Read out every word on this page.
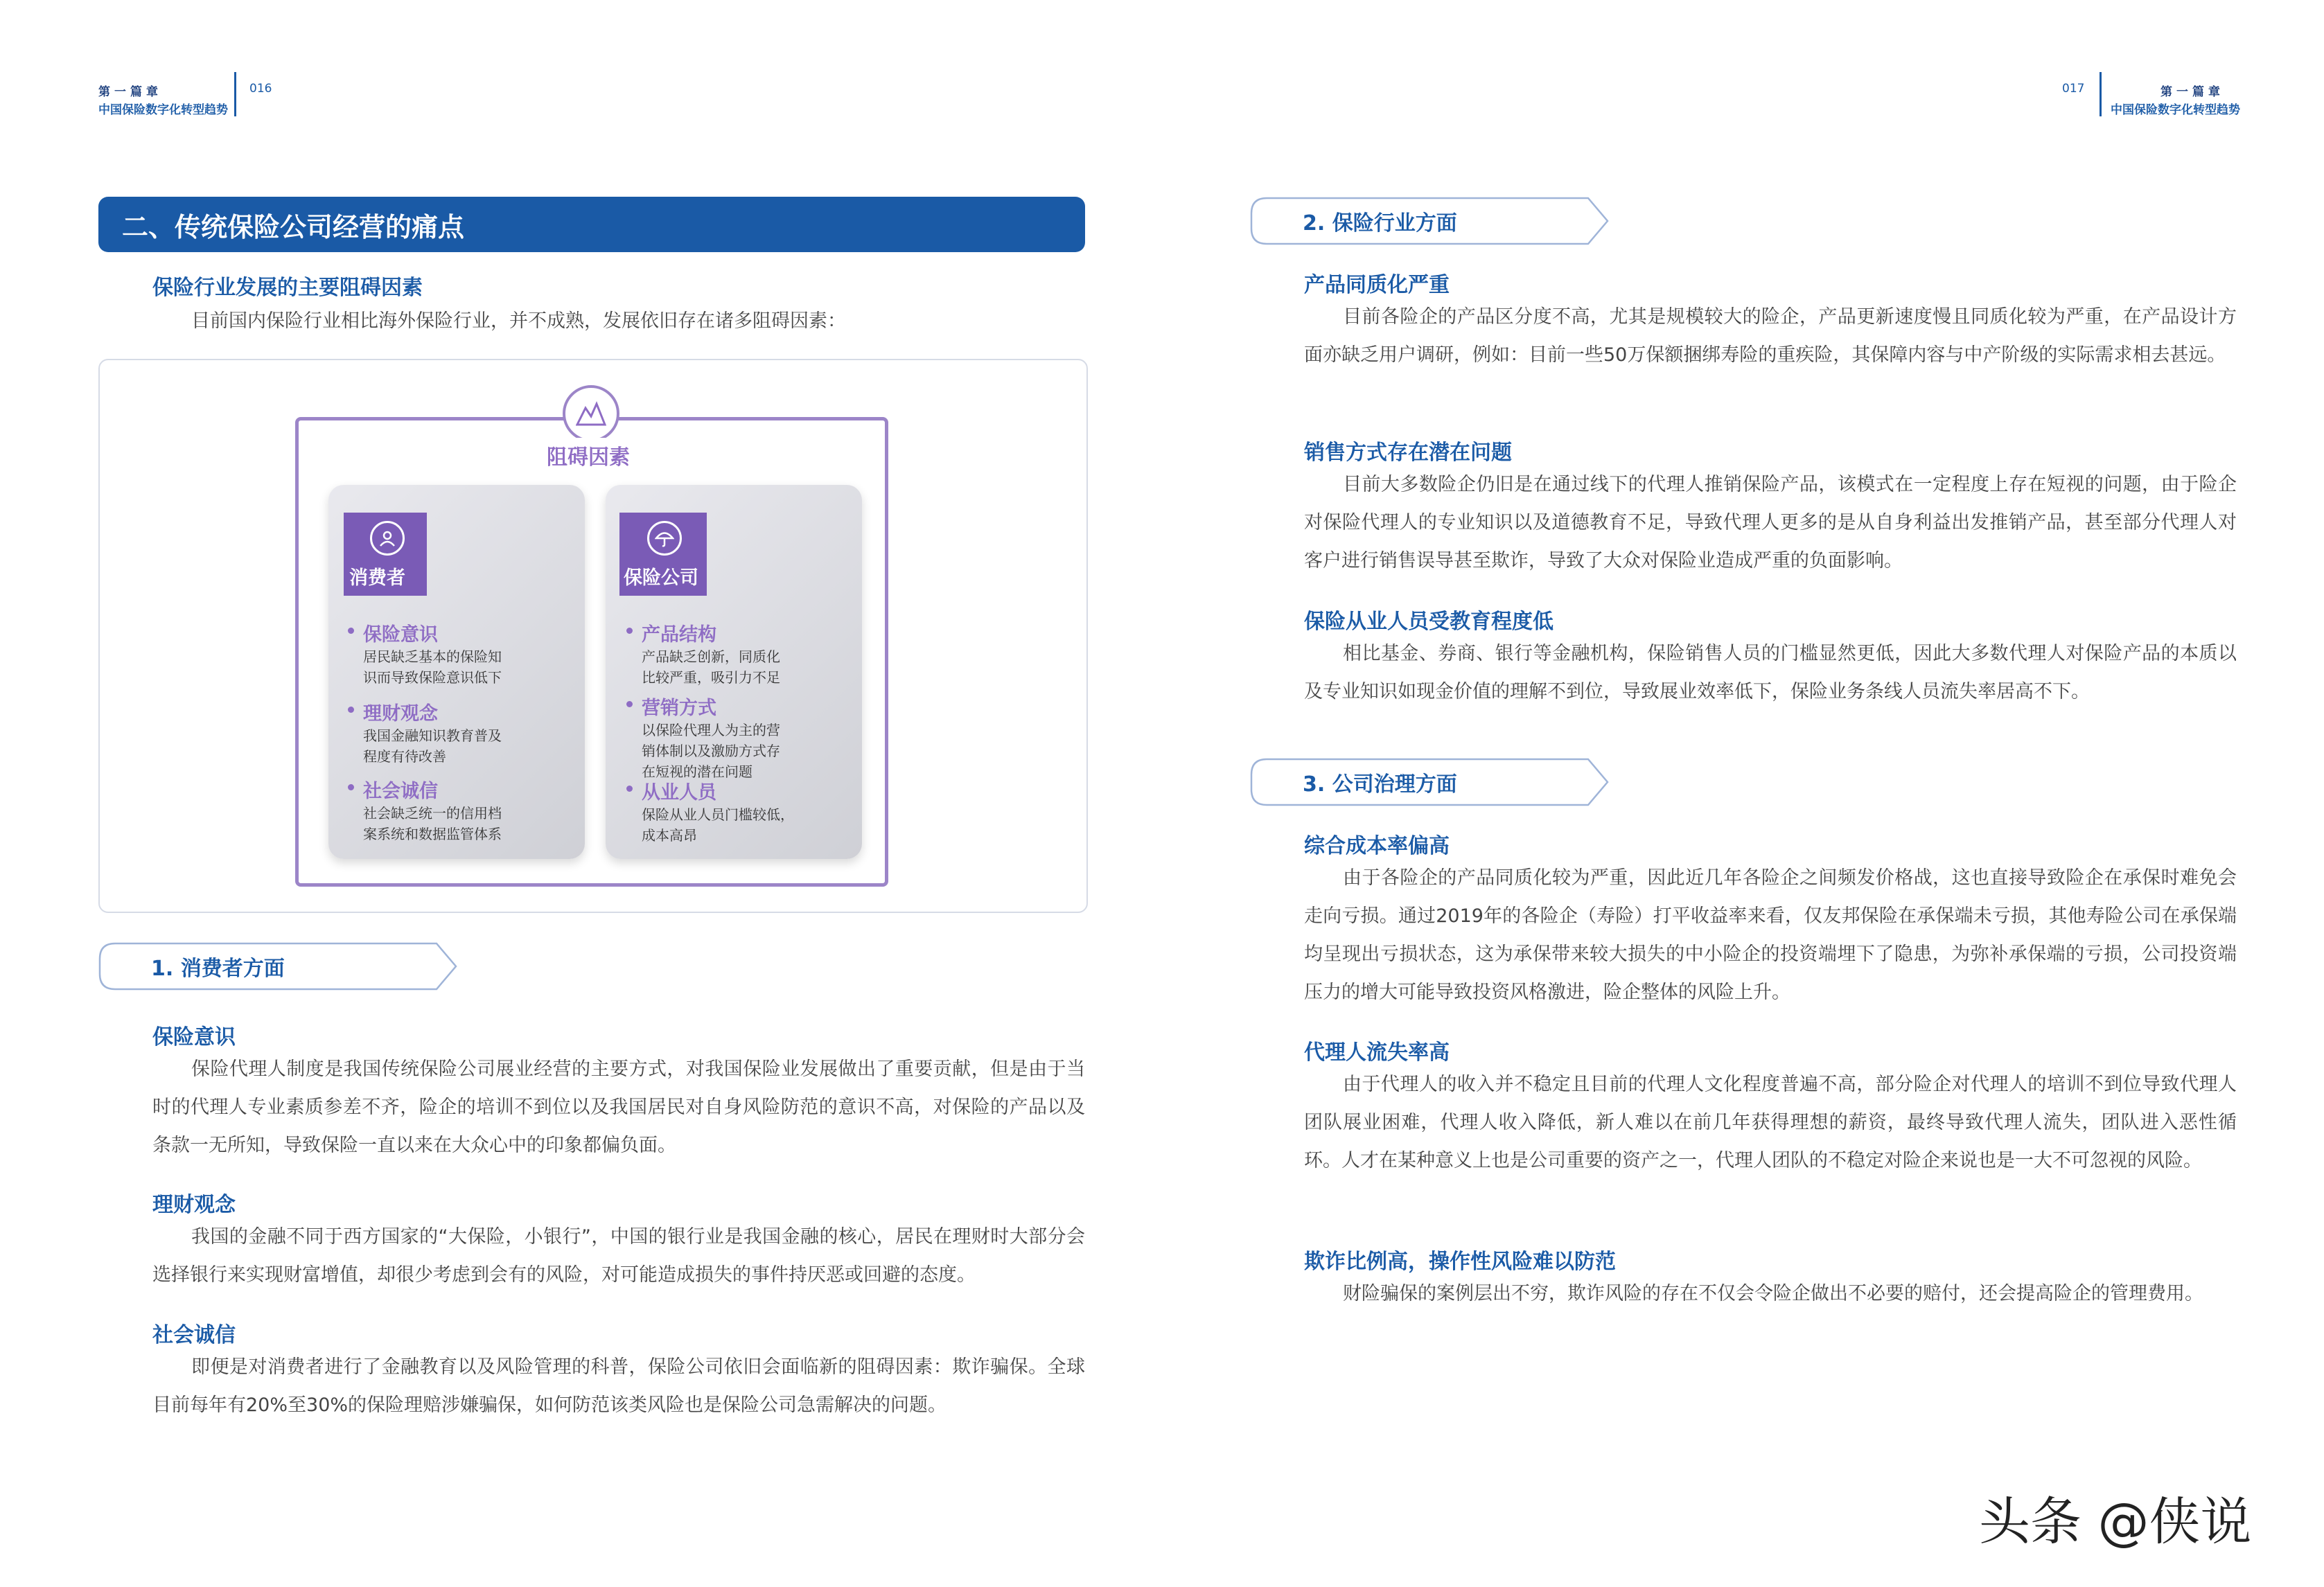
第一篇章
中国保险数字化转型趋势
016	017	第一篇章
中国保险数字化转型趋势
二、传统保险公司经营的痛点
保险行业发展的主要阻碍因素
目前国内保险行业相比海外保险行业，并不成熟，发展依旧存在诸多阻碍因素：
阻碍因素
消费者
保险意识
居民缺乏基本的保险知
识而导致保险意识低下
理财观念
我国金融知识教育普及
程度有待改善
社会诚信
社会缺乏统一的信用档
案系统和数据监管体系
保险公司
产品结构
产品缺乏创新，同质化
比较严重，吸引力不足
营销方式
以保险代理人为主的营
销体制以及激励方式存
在短视的潜在问题
从业人员
保险从业人员门槛较低，
成本高昂
1. 消费者方面
保险意识
保险代理人制度是我国传统保险公司展业经营的主要方式，对我国保险业发展做出了重要贡献，但是由于当时的代理人专业素质参差不齐，险企的培训不到位以及我国居民对自身风险防范的意识不高，对保险的产品以及条款一无所知，导致保险一直以来在大众心中的印象都偏负面。
理财观念
我国的金融不同于西方国家的“大保险，小银行”，中国的银行业是我国金融的核心，居民在理财时大部分会选择银行来实现财富增值，却很少考虑到会有的风险，对可能造成损失的事件持厌恶或回避的态度。
社会诚信
即便是对消费者进行了金融教育以及风险管理的科普，保险公司依旧会面临新的阻碍因素：欺诈骗保。全球目前每年有20%至30%的保险理赔涉嫌骗保，如何防范该类风险也是保险公司急需解决的问题。
2. 保险行业方面
产品同质化严重
目前各险企的产品区分度不高，尤其是规模较大的险企，产品更新速度慢且同质化较为严重，在产品设计方面亦缺乏用户调研，例如：目前一些50万保额捆绑寿险的重疾险，其保障内容与中产阶级的实际需求相去甚远。
销售方式存在潜在问题
目前大多数险企仍旧是在通过线下的代理人推销保险产品，该模式在一定程度上存在短视的问题，由于险企对保险代理人的专业知识以及道德教育不足，导致代理人更多的是从自身利益出发推销产品，甚至部分代理人对客户进行销售误导甚至欺诈，导致了大众对保险业造成严重的负面影响。
保险从业人员受教育程度低
相比基金、券商、银行等金融机构，保险销售人员的门槛显然更低，因此大多数代理人对保险产品的本质以及专业知识如现金价值的理解不到位，导致展业效率低下，保险业务条线人员流失率居高不下。
3. 公司治理方面
综合成本率偏高
由于各险企的产品同质化较为严重，因此近几年各险企之间频发价格战，这也直接导致险企在承保时难免会走向亏损。通过2019年的各险企（寿险）打平收益率来看，仅友邦保险在承保端未亏损，其他寿险公司在承保端均呈现出亏损状态，这为承保带来较大损失的中小险企的投资端埋下了隐患，为弥补承保端的亏损，公司投资端压力的增大可能导致投资风格激进，险企整体的风险上升。
代理人流失率高
由于代理人的收入并不稳定且目前的代理人文化程度普遍不高，部分险企对代理人的培训不到位导致代理人团队展业困难，代理人收入降低，新人难以在前几年获得理想的薪资，最终导致代理人流失，团队进入恶性循环。人才在某种意义上也是公司重要的资产之一，代理人团队的不稳定对险企来说也是一大不可忽视的风险。
欺诈比例高，操作性风险难以防范
财险骗保的案例层出不穷，欺诈风险的存在不仅会令险企做出不必要的赔付，还会提高险企的管理费用。
头条 @侠说
